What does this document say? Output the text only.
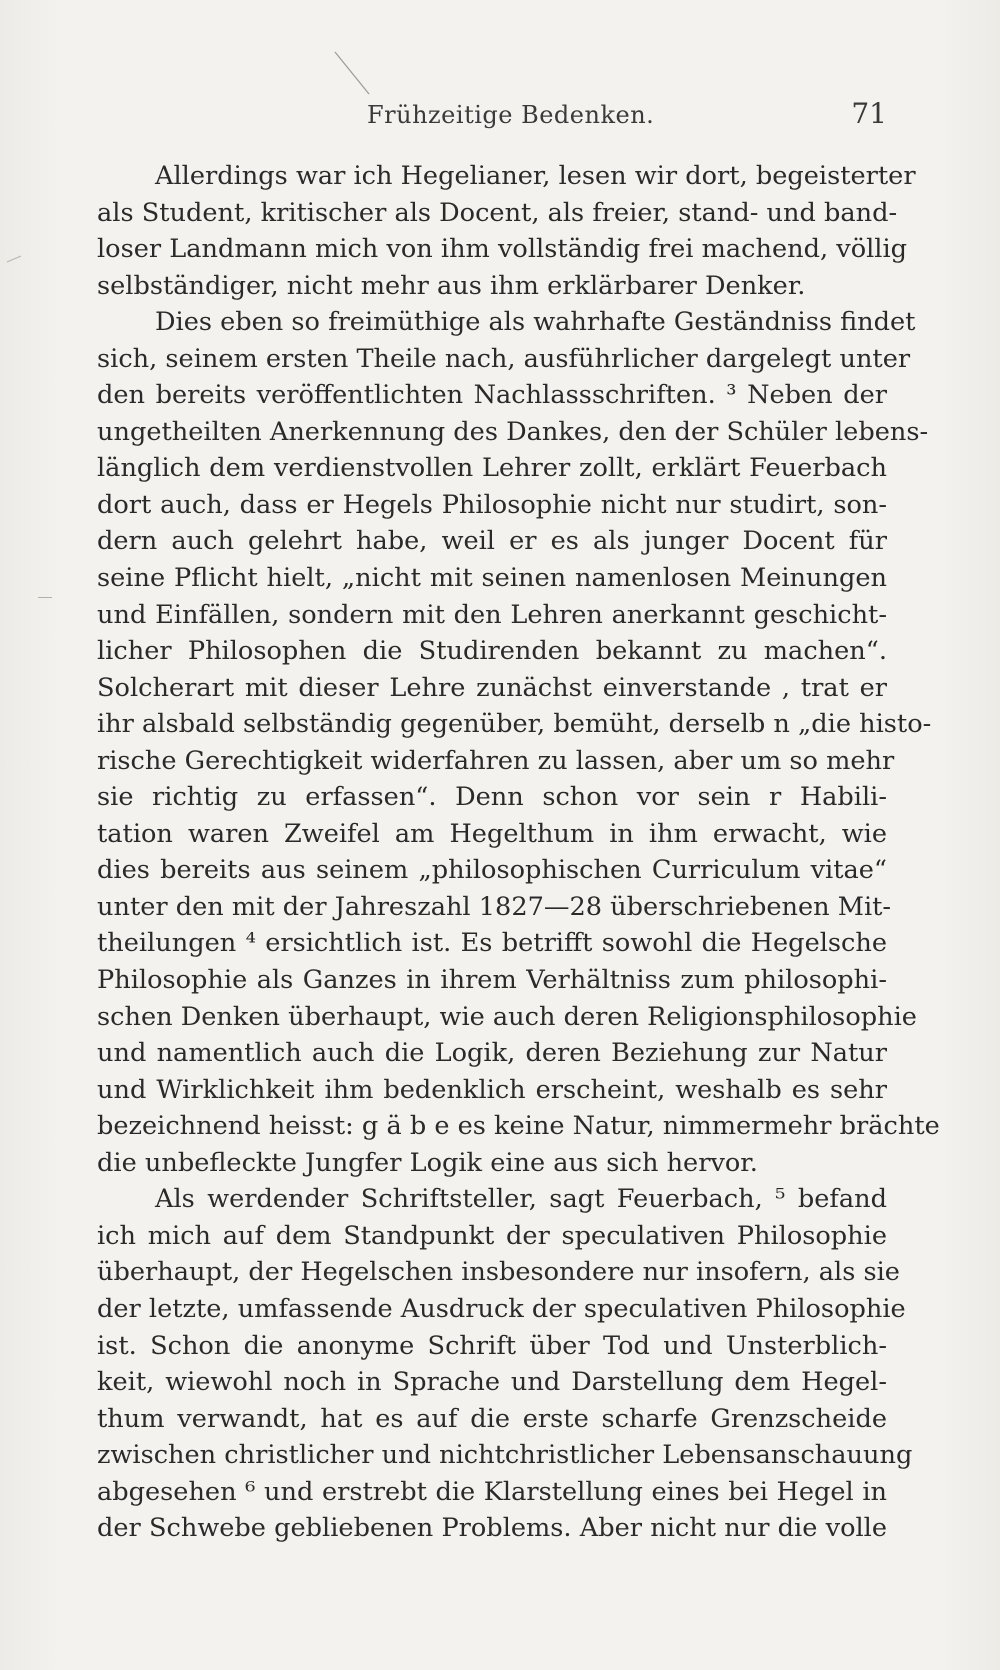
Frühzeitige Bedenken.	71
Allerdings war ich Hegelianer, lesen wir dort, begeisterter
als Student, kritischer als Docent, als freier, stand- und band-
loser Landmann mich von ihm vollständig frei machend, völlig
selbständiger, nicht mehr aus ihm erklärbarer Denker.
Dies eben so freimüthige als wahrhafte Geständniss findet
sich, seinem ersten Theile nach, ausführlicher dargelegt unter
den bereits veröffentlichten Nachlassschriften. ³ Neben der
ungetheilten Anerkennung des Dankes, den der Schüler lebens-
länglich dem verdienstvollen Lehrer zollt, erklärt Feuerbach
dort auch, dass er Hegels Philosophie nicht nur studirt, son-
dern auch gelehrt habe, weil er es als junger Docent für
seine Pflicht hielt, „nicht mit seinen namenlosen Meinungen
und Einfällen, sondern mit den Lehren anerkannt geschicht-
licher Philosophen die Studirenden bekannt zu machen“.
Solcherart mit dieser Lehre zunächst einverstande , trat er
ihr alsbald selbständig gegenüber, bemüht, derselb n „die histo-
rische Gerechtigkeit widerfahren zu lassen, aber um so mehr
sie richtig zu erfassen“. Denn schon vor sein r Habili-
tation waren Zweifel am Hegelthum in ihm erwacht, wie
dies bereits aus seinem „philosophischen Curriculum vitae“
unter den mit der Jahreszahl 1827—28 überschriebenen Mit-
theilungen ⁴ ersichtlich ist. Es betrifft sowohl die Hegelsche
Philosophie als Ganzes in ihrem Verhältniss zum philosophi-
schen Denken überhaupt, wie auch deren Religionsphilosophie
und namentlich auch die Logik, deren Beziehung zur Natur
und Wirklichkeit ihm bedenklich erscheint, weshalb es sehr
bezeichnend heisst: g ä b e es keine Natur, nimmermehr brächte
die unbefleckte Jungfer Logik eine aus sich hervor.
Als werdender Schriftsteller, sagt Feuerbach, ⁵ befand
ich mich auf dem Standpunkt der speculativen Philosophie
überhaupt, der Hegelschen insbesondere nur insofern, als sie
der letzte, umfassende Ausdruck der speculativen Philosophie
ist. Schon die anonyme Schrift über Tod und Unsterblich-
keit, wiewohl noch in Sprache und Darstellung dem Hegel-
thum verwandt, hat es auf die erste scharfe Grenzscheide
zwischen christlicher und nichtchristlicher Lebensanschauung
abgesehen ⁶ und erstrebt die Klarstellung eines bei Hegel in
der Schwebe gebliebenen Problems. Aber nicht nur die volle
